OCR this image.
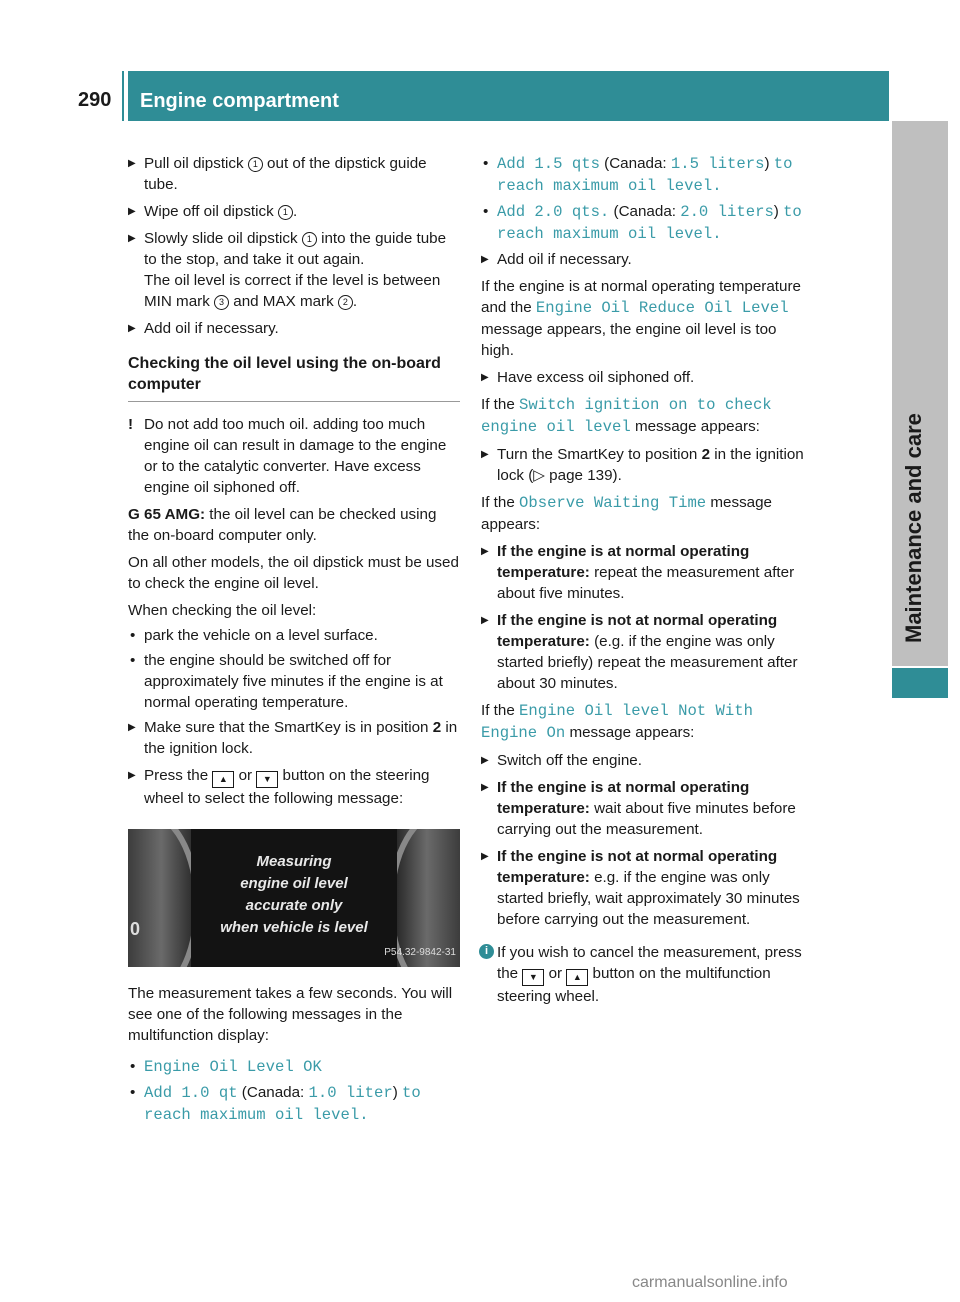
290 Engine compartment
Maintenance and care
▶ Pull oil dipstick 1 out of the dipstick guide tube.
▶ Wipe off oil dipstick 1 .
▶ Slowly slide oil dipstick 1 into the guide tube to the stop, and take it out again.
The oil level is correct if the level is between MIN mark 3 and MAX mark 2 .
▶ Add oil if necessary.
Checking the oil level using the on-board computer
! Do not add too much oil. adding too much engine oil can result in damage to the engine or to the catalytic converter. Have excess engine oil siphoned off.
G 65 AMG: the oil level can be checked using the on-board computer only.
On all other models, the oil dipstick must be used to check the engine oil level.
When checking the oil level:
• park the vehicle on a level surface.
• the engine should be switched off for approximately five minutes if the engine is at normal operating temperature.
▶ Make sure that the SmartKey is in position 2 in the ignition lock.
▶ Press the ▲ or ▼ button on the steering wheel to select the following message:
0
Measuring
engine oil level
accurate only
when vehicle is level
P54.32-9842-31
The measurement takes a few seconds. You will see one of the following messages in the multifunction display:
• Engine Oil Level OK
• Add 1.0 qt (Canada: 1.0 liter) to reach maximum oil level.
• Add 1.5 qts (Canada: 1.5 liters) to reach maximum oil level.
• Add 2.0 qts. (Canada: 2.0 liters) to reach maximum oil level.
▶ Add oil if necessary.
If the engine is at normal operating temperature and the Engine Oil Reduce Oil Level message appears, the engine oil level is too high.
▶ Have excess oil siphoned off.
If the Switch ignition on to check engine oil level message appears:
▶ Turn the SmartKey to position 2 in the ignition lock (▷ page 139).
If the Observe Waiting Time message appears:
▶ If the engine is at normal operating temperature: repeat the measurement after about five minutes.
▶ If the engine is not at normal operating temperature: (e.g. if the engine was only started briefly) repeat the measurement after about 30 minutes.
If the Engine Oil level Not With Engine On message appears:
▶ Switch off the engine.
▶ If the engine is at normal operating temperature: wait about five minutes before carrying out the measurement.
▶ If the engine is not at normal operating temperature: e.g. if the engine was only started briefly, wait approximately 30 minutes before carrying out the measurement.
i If you wish to cancel the measurement, press the ▼ or ▲ button on the multifunction steering wheel.
carmanualsonline.info
